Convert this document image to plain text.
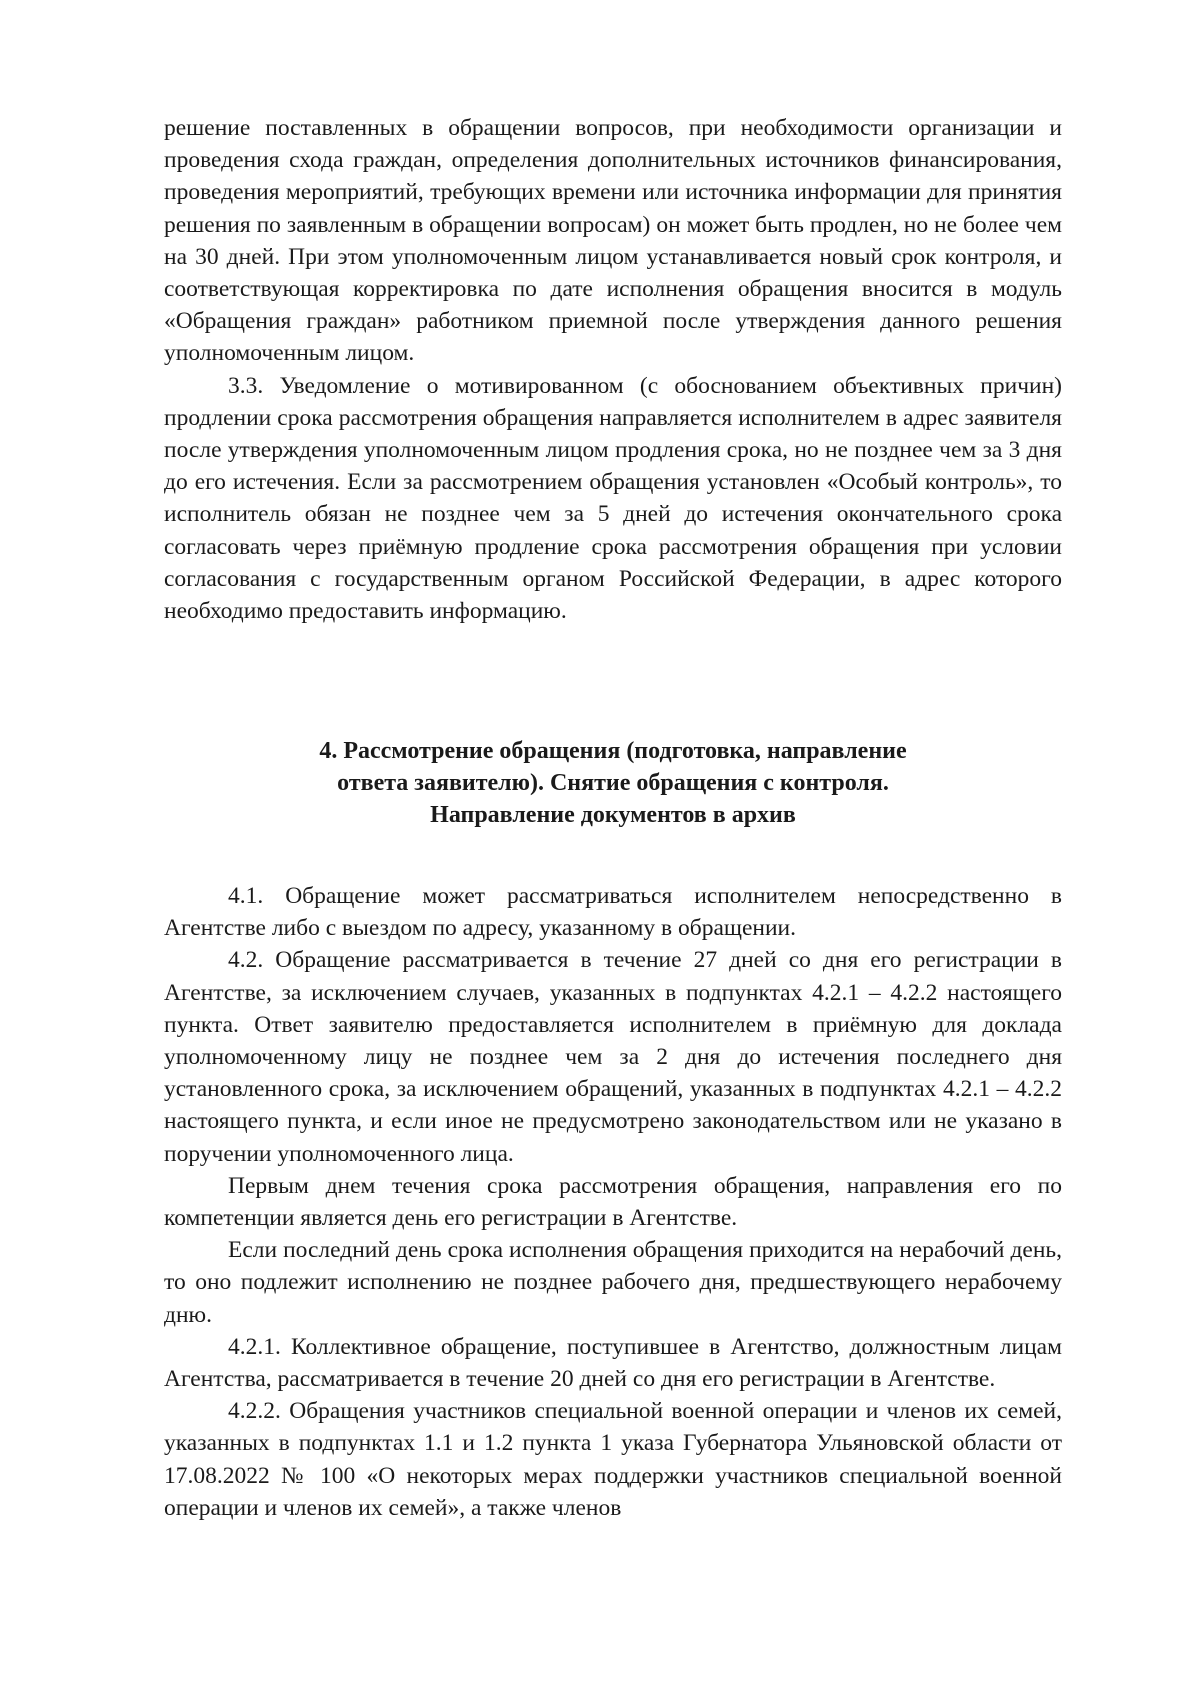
решение поставленных в обращении вопросов, при необходимости организации и проведения схода граждан, определения дополнительных источников финансирования, проведения мероприятий, требующих времени или источника информации для принятия решения по заявленным в обращении вопросам) он может быть продлен, но не более чем на 30 дней. При этом уполномоченным лицом устанавливается новый срок контроля, и соответствующая корректировка по дате исполнения обращения вносится в модуль «Обращения граждан» работником приемной после утверждения данного решения уполномоченным лицом.

3.3. Уведомление о мотивированном (с обоснованием объективных причин) продлении срока рассмотрения обращения направляется исполнителем в адрес заявителя после утверждения уполномоченным лицом продления срока, но не позднее чем за 3 дня до его истечения. Если за рассмотрением обращения установлен «Особый контроль», то исполнитель обязан не позднее чем за 5 дней до истечения окончательного срока согласовать через приёмную продление срока рассмотрения обращения при условии согласования с государственным органом Российской Федерации, в адрес которого необходимо предоставить информацию.

4. Рассмотрение обращения (подготовка, направление
ответа заявителю). Снятие обращения с контроля.
Направление документов в архив

4.1. Обращение может рассматриваться исполнителем непосредственно в Агентстве либо с выездом по адресу, указанному в обращении.

4.2. Обращение рассматривается в течение 27 дней со дня его регистрации в Агентстве, за исключением случаев, указанных в подпунктах 4.2.1 – 4.2.2 настоящего пункта. Ответ заявителю предоставляется исполнителем в приёмную для доклада уполномоченному лицу не позднее чем за 2 дня до истечения последнего дня установленного срока, за исключением обращений, указанных в подпунктах 4.2.1 – 4.2.2 настоящего пункта, и если иное не предусмотрено законодательством или не указано в поручении уполномоченного лица.

Первым днем течения срока рассмотрения обращения, направления его по компетенции является день его регистрации в Агентстве.

Если последний день срока исполнения обращения приходится на нерабочий день, то оно подлежит исполнению не позднее рабочего дня, предшествующего нерабочему дню.

4.2.1. Коллективное обращение, поступившее в Агентство, должностным лицам Агентства, рассматривается в течение 20 дней со дня его регистрации в Агентстве.

4.2.2. Обращения участников специальной военной операции и членов их семей, указанных в подпунктах 1.1 и 1.2 пункта 1 указа Губернатора Ульяновской области от 17.08.2022 № 100 «О некоторых мерах поддержки участников специальной военной операции и членов их семей», а также членов
